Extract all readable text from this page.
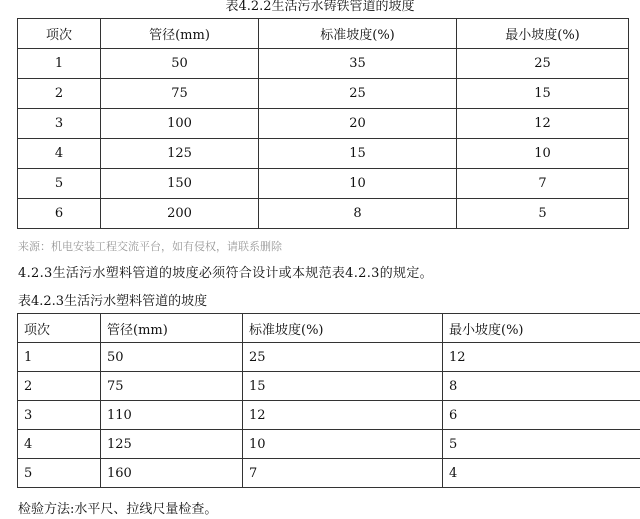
表4.2.2生活污水铸铁管道的坡度
项次	管径(mm)	标准坡度(%)	最小坡度(%)
1	50	35	25
2	75	25	15
3	100	20	12
4	125	15	10
5	150	10	7
6	200	8	5
来源：机电安装工程交流平台，如有侵权，请联系删除
4.2.3生活污水塑料管道的坡度必须符合设计或本规范表4.2.3的规定。
表4.2.3生活污水塑料管道的坡度
项次	管径(mm)	标准坡度(%)	最小坡度(%)
1	50	25	12
2	75	15	8
3	110	12	6
4	125	10	5
5	160	7	4
检验方法:水平尺、拉线尺量检查。
